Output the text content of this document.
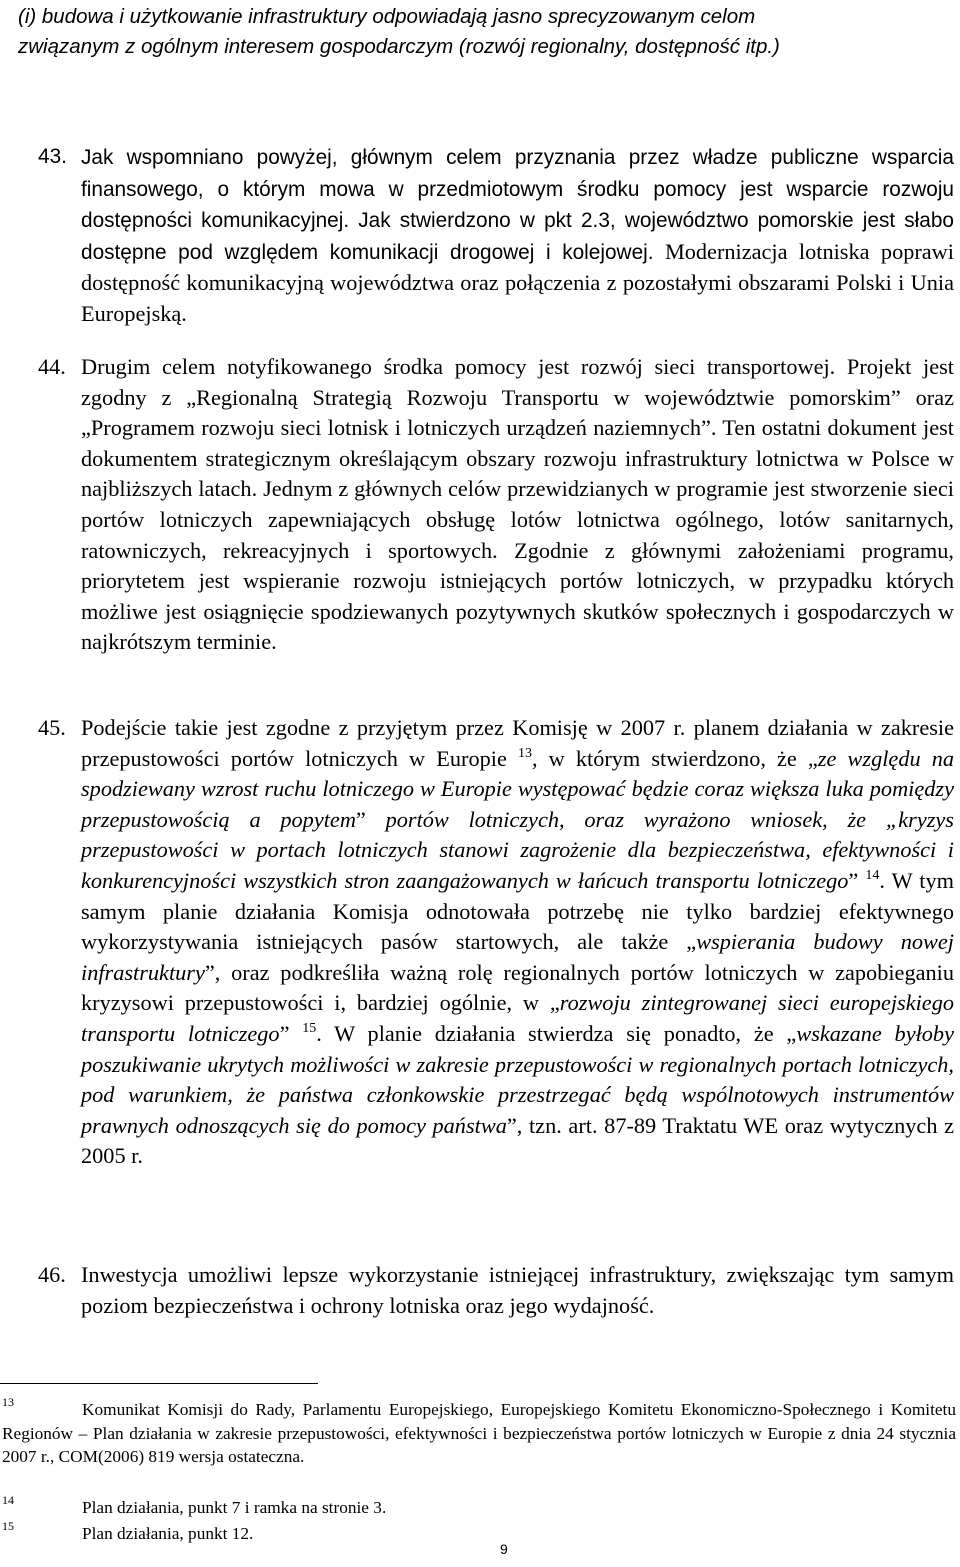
(i) budowa i użytkowanie infrastruktury odpowiadają jasno sprecyzowanym celom
związanym z ogólnym interesem gospodarczym (rozwój regionalny, dostępność itp.)
43. Jak wspomniano powyżej, głównym celem przyznania przez władze publiczne wsparcia finansowego, o którym mowa w przedmiotowym środku pomocy jest wsparcie rozwoju dostępności komunikacyjnej. Jak stwierdzono w pkt 2.3, województwo pomorskie jest słabo dostępne pod względem komunikacji drogowej i kolejowej. Modernizacja lotniska poprawi dostępność komunikacyjną województwa oraz połączenia z pozostałymi obszarami Polski i Unia Europejską.
44. Drugim celem notyfikowanego środka pomocy jest rozwój sieci transportowej. Projekt jest zgodny z „Regionalną Strategią Rozwoju Transportu w województwie pomorskim” oraz „Programem rozwoju sieci lotnisk i lotniczych urządzeń naziemnych”. Ten ostatni dokument jest dokumentem strategicznym określającym obszary rozwoju infrastruktury lotnictwa w Polsce w najbliższych latach. Jednym z głównych celów przewidzianych w programie jest stworzenie sieci portów lotniczych zapewniających obsługę lotów lotnictwa ogólnego, lotów sanitarnych, ratowniczych, rekreacyjnych i sportowych. Zgodnie z głównymi założeniami programu, priorytetem jest wspieranie rozwoju istniejących portów lotniczych, w przypadku których możliwe jest osiągnięcie spodziewanych pozytywnych skutków społecznych i gospodarczych w najkrótszym terminie.
45. Podejście takie jest zgodne z przyjętym przez Komisję w 2007 r. planem działania w zakresie przepustowości portów lotniczych w Europie $^{13}$, w którym stwierdzono, że „ze względu na spodziewany wzrost ruchu lotniczego w Europie występować będzie coraz większa luka pomiędzy przepustowością a popytem” portów lotniczych, oraz wyrażono wniosek, że „kryzys przepustowości w portach lotniczych stanowi zagrożenie dla bezpieczeństwa, efektywności i konkurencyjności wszystkich stron zaangażowanych w łańcuch transportu lotniczego” $^{14}$. W tym samym planie działania Komisja odnotowała potrzebę nie tylko bardziej efektywnego wykorzystywania istniejących pasów startowych, ale także „wspierania budowy nowej infrastruktury”, oraz podkreśliła ważną rolę regionalnych portów lotniczych w zapobieganiu kryzysowi przepustowości i, bardziej ogólnie, w „rozwoju zintegrowanej sieci europejskiego transportu lotniczego” $^{15}$. W planie działania stwierdza się ponadto, że „wskazane byłoby poszukiwanie ukrytych możliwości w zakresie przepustowości w regionalnych portach lotniczych, pod warunkiem, że państwa członkowskie przestrzegać będą wspólnotowych instrumentów prawnych odnoszących się do pomocy państwa”, tzn. art. 87-89 Traktatu WE oraz wytycznych z 2005 r.
46. Inwestycja umożliwi lepsze wykorzystanie istniejącej infrastruktury, zwiększając tym samym poziom bezpieczeństwa i ochrony lotniska oraz jego wydajność.
13	Komunikat Komisji do Rady, Parlamentu Europejskiego, Europejskiego Komitetu Ekonomiczno-Społecznego i Komitetu Regionów – Plan działania w zakresie przepustowości, efektywności i bezpieczeństwa portów lotniczych w Europie z dnia 24 stycznia 2007 r., COM(2006) 819 wersja ostateczna.
14	Plan działania, punkt 7 i ramka na stronie 3.
15	Plan działania, punkt 12.
9
